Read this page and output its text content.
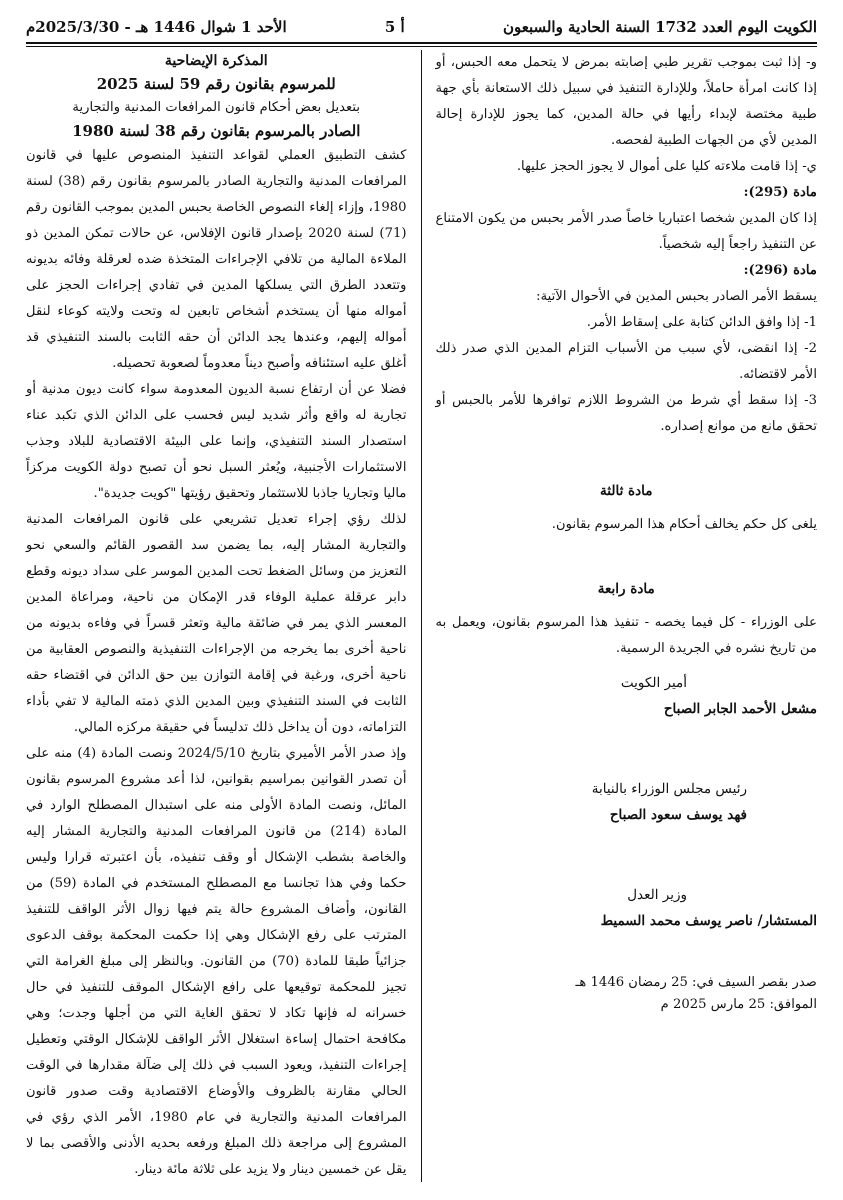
الكويت اليوم العدد 1732 السنة الحادية والسبعون
أ 5
الأحد 1 شوال 1446 هـ - 2025/3/30م

و- إذا ثبت بموجب تقرير طبي إصابته بمرض لا يتحمل معه الحبس، أو إذا كانت امرأة حاملاً، وللإدارة التنفيذ في سبيل ذلك الاستعانة بأي جهة طبية مختصة لإبداء رأيها في حالة المدين، كما يجوز للإدارة إحالة المدين لأي من الجهات الطبية لفحصه.

ي- إذا قامت ملاءته كليا على أموال لا يجوز الحجز عليها.

مادة (295):

إذا كان المدين شخصا اعتباريا خاصاً صدر الأمر بحبس من يكون الامتناع عن التنفيذ راجعاً إليه شخصياً.

مادة (296):

يسقط الأمر الصادر بحبس المدين في الأحوال الآتية:

1- إذا وافق الدائن كتابة على إسقاط الأمر.

2- إذا انقضى، لأي سبب من الأسباب التزام المدين الذي صدر ذلك الأمر لاقتضائه.

3- إذا سقط أي شرط من الشروط اللازم توافرها للأمر بالحبس أو تحقق مانع من موانع إصداره.

مادة ثالثة

يلغى كل حكم يخالف أحكام هذا المرسوم بقانون.

مادة رابعة

على الوزراء - كل فيما يخصه - تنفيذ هذا المرسوم بقانون، ويعمل به من تاريخ نشره في الجريدة الرسمية.

أمير الكويت

مشعل الأحمد الجابر الصباح

رئيس مجلس الوزراء بالنيابة

فهد يوسف سعود الصباح

وزير العدل

المستشار/ ناصر يوسف محمد السميط

صدر بقصر السيف في: 25 رمضان 1446 هـ

الموافق: 25 مارس 2025 م

المذكرة الإيضاحية

للمرسوم بقانون رقم 59 لسنة 2025

بتعديل بعض أحكام قانون المرافعات المدنية والتجارية

الصادر بالمرسوم بقانون رقم 38 لسنة 1980

كشف التطبيق العملي لقواعد التنفيذ المنصوص عليها في قانون المرافعات المدنية والتجارية الصادر بالمرسوم بقانون رقم (38) لسنة 1980، وإزاء إلغاء النصوص الخاصة بحبس المدين بموجب القانون رقم (71) لسنة 2020 بإصدار قانون الإفلاس، عن حالات تمكن المدين ذو الملاءة المالية من تلافي الإجراءات المتخذة ضده لعرقلة وفائه بديونه وتتعدد الطرق التي يسلكها المدين في تفادي إجراءات الحجز على أمواله منها أن يستخدم أشخاص تابعين له وتحت ولايته كوعاء لنقل أمواله إليهم، وعندها يجد الدائن أن حقه الثابت بالسند التنفيذي قد أغلق عليه استئنافه وأصبح ديناً معدوماً لصعوبة تحصيله.

فضلا عن أن ارتفاع نسبة الديون المعدومة سواء كانت ديون مدنية أو تجارية له واقع وأثر شديد ليس فحسب على الدائن الذي تكبد عناء استصدار السند التنفيذي، وإنما على البيئة الاقتصادية للبلاد وجذب الاستثمارات الأجنبية، ويُعثر السبل نحو أن تصبح دولة الكويت مركزاً ماليا وتجاريا جاذبا للاستثمار وتحقيق رؤيتها "كويت جديدة".

لذلك رؤي إجراء تعديل تشريعي على قانون المرافعات المدنية والتجارية المشار إليه، بما يضمن سد القصور القائم والسعي نحو التعزيز من وسائل الضغط تحت المدين الموسر على سداد ديونه وقطع دابر عرقلة عملية الوفاء قدر الإمكان من ناحية، ومراعاة المدين المعسر الذي يمر في ضائقة مالية وتعثر قسراً في وفاءه بديونه من ناحية أخرى بما يخرجه من الإجراءات التنفيذية والنصوص العقابية من ناحية أخرى، ورغبة في إقامة التوازن بين حق الدائن في اقتضاء حقه الثابت في السند التنفيذي وبين المدين الذي ذمته المالية لا تفي بأداء التزاماته، دون أن يداخل ذلك تدليساً في حقيقة مركزه المالي.

وإذ صدر الأمر الأميري بتاريخ 2024/5/10 ونصت المادة (4) منه على أن تصدر القوانين بمراسيم بقوانين، لذا أعد مشروع المرسوم بقانون المائل، ونصت المادة الأولى منه على استبدال المصطلح الوارد في المادة (214) من قانون المرافعات المدنية والتجارية المشار إليه والخاصة بشطب الإشكال أو وقف تنفيذه، بأن اعتبرته قرارا وليس حكما وفي هذا تجانسا مع المصطلح المستخدم في المادة (59) من القانون، وأضاف المشروع حالة يتم فيها زوال الأثر الواقف للتنفيذ المترتب على رفع الإشكال وهي إذا حكمت المحكمة بوقف الدعوى جزائياً طبقا للمادة (70) من القانون. وبالنظر إلى مبلغ الغرامة التي تجيز للمحكمة توقيعها على رافع الإشكال الموقف للتنفيذ في حال خسرانه له فإنها تكاد لا تحقق الغاية التي من أجلها وجدت؛ وهي مكافحة احتمال إساءة استغلال الأثر الواقف للإشكال الوقتي وتعطيل إجراءات التنفيذ، ويعود السبب في ذلك إلى ضآلة مقدارها في الوقت الحالي مقارنة بالظروف والأوضاع الاقتصادية وقت صدور قانون المرافعات المدنية والتجارية في عام 1980، الأمر الذي رؤي في المشروع إلى مراجعة ذلك المبلغ ورفعه بحديه الأدنى والأقصى بما لا يقل عن خمسين دينار ولا يزيد على ثلاثة مائة دينار.
